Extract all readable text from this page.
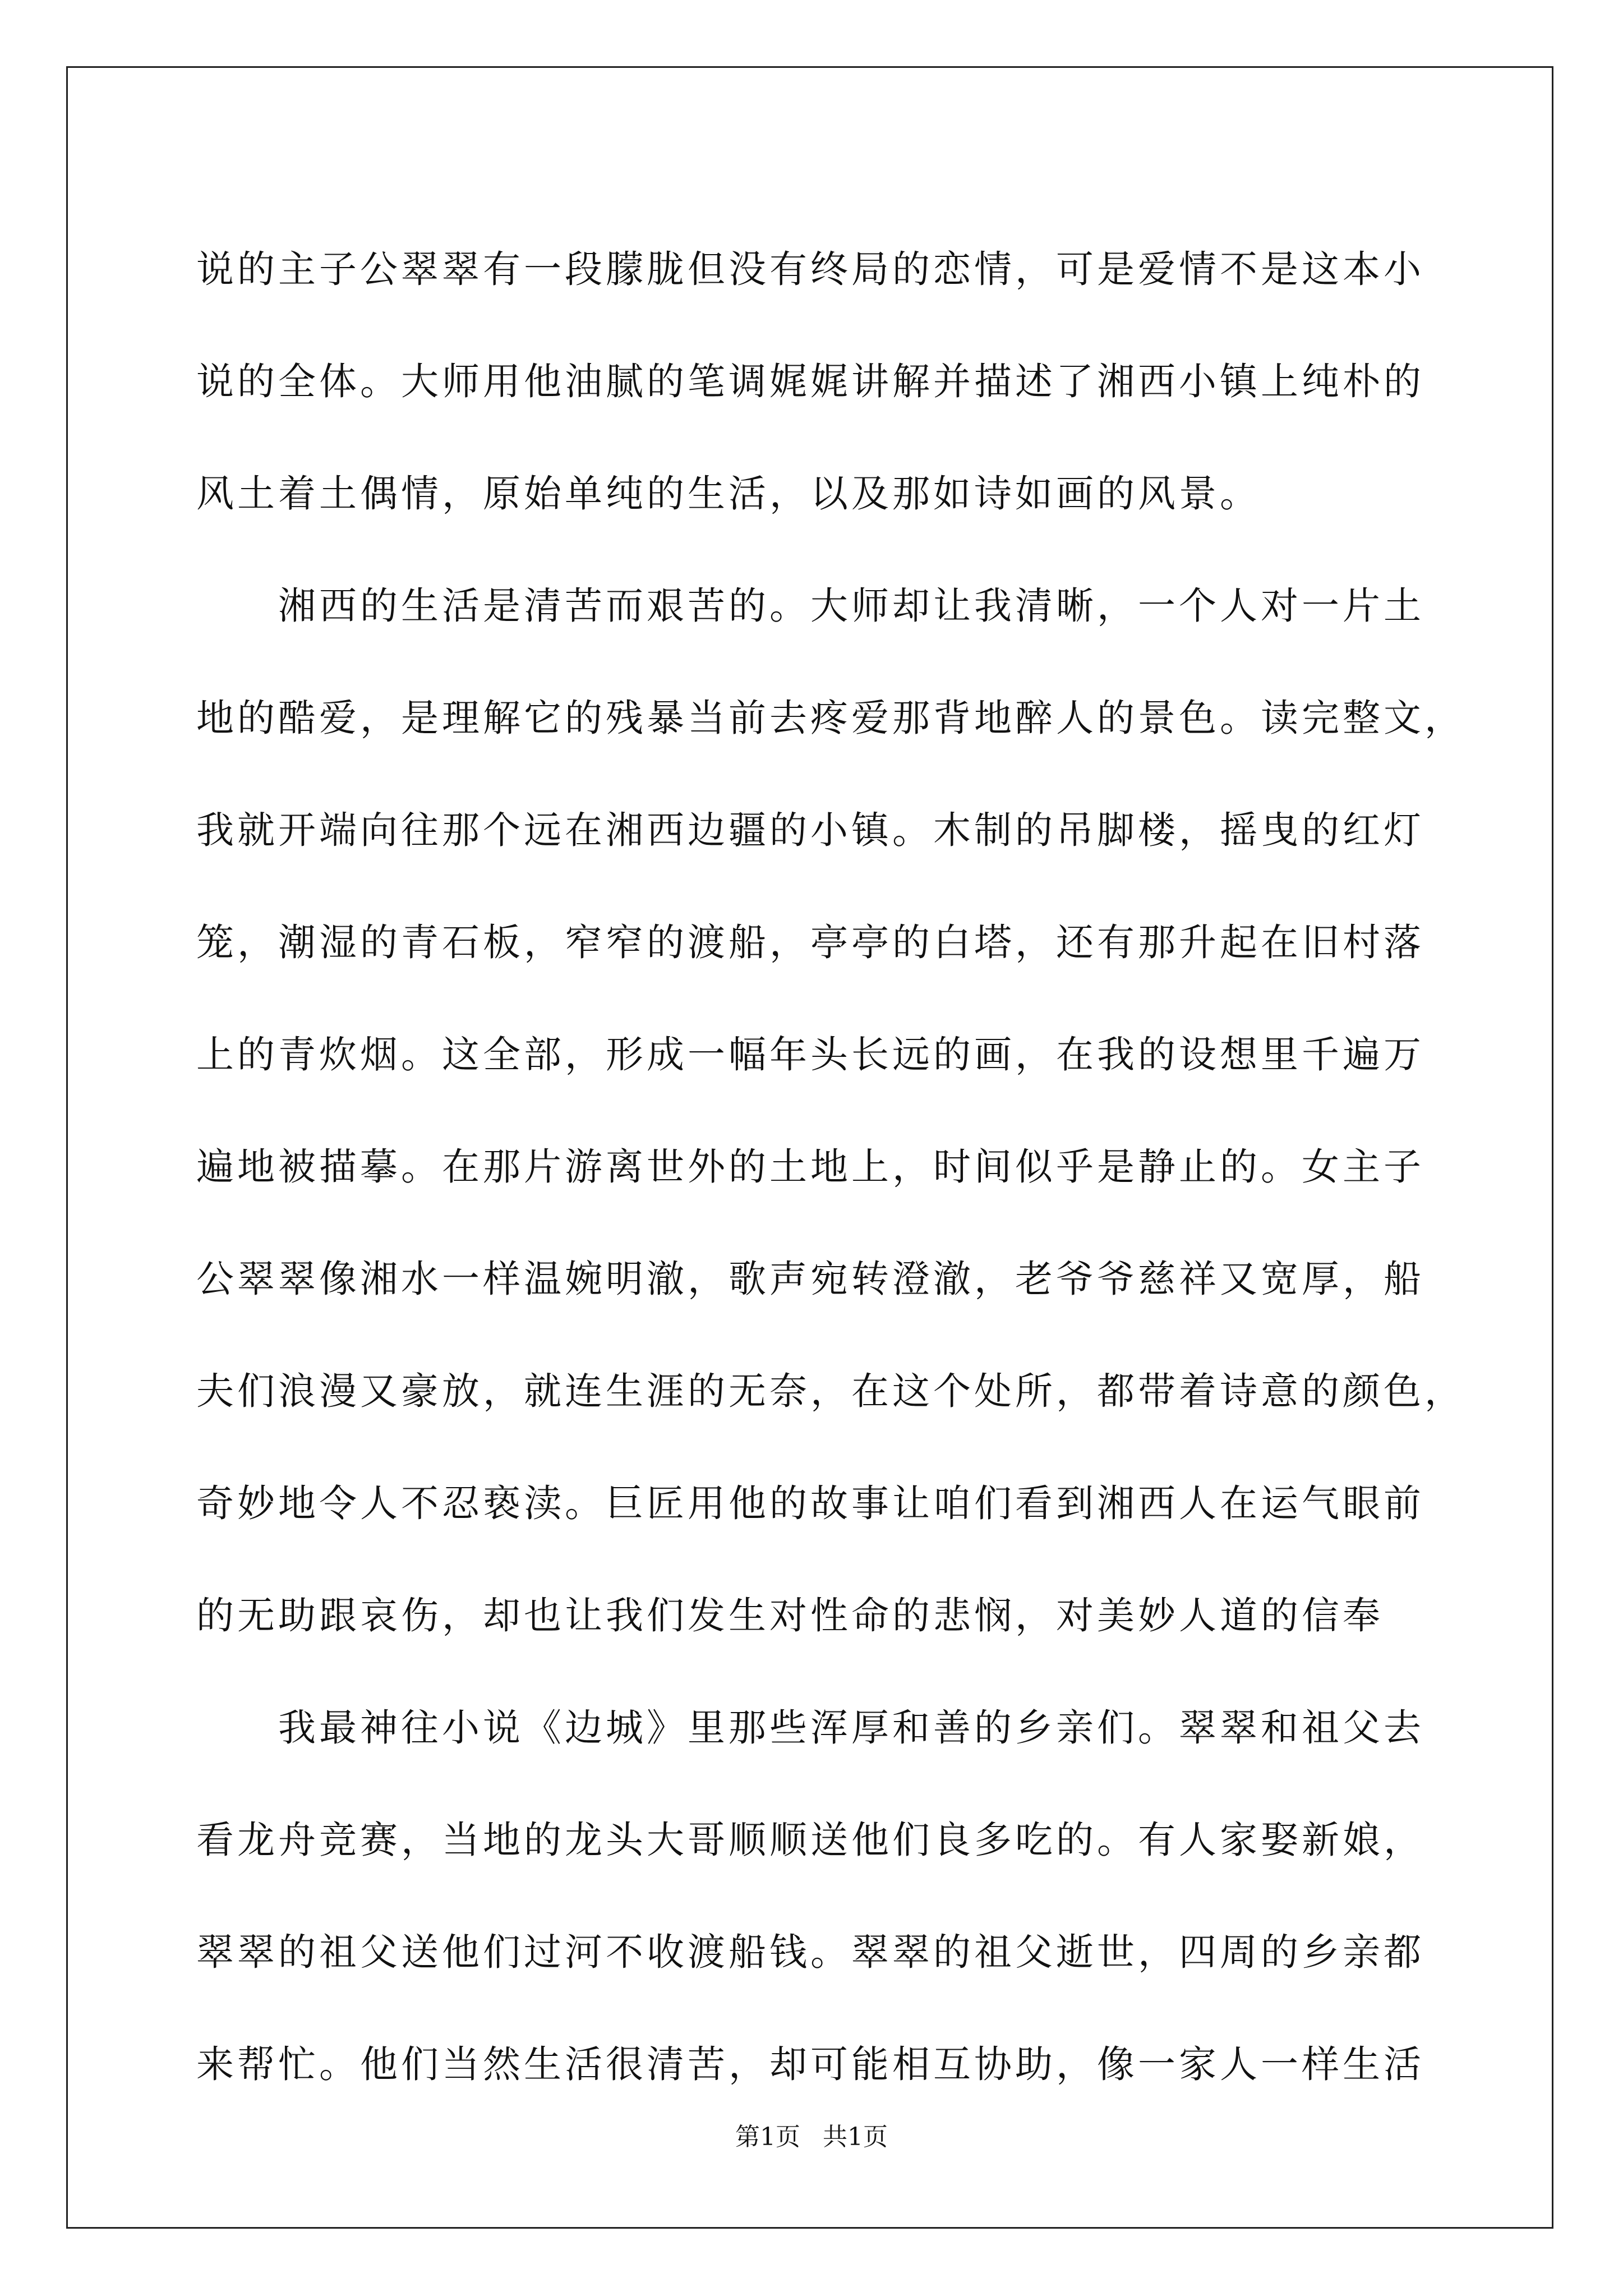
说的主子公翠翠有一段朦胧但没有终局的恋情，可是爱情不是这本小
说的全体。大师用他油腻的笔调娓娓讲解并描述了湘西小镇上纯朴的
风土着土偶情，原始单纯的生活，以及那如诗如画的风景。
　　湘西的生活是清苦而艰苦的。大师却让我清晰，一个人对一片土
地的酷爱，是理解它的残暴当前去疼爱那背地醉人的景色。读完整文，
我就开端向往那个远在湘西边疆的小镇。木制的吊脚楼，摇曳的红灯
笼，潮湿的青石板，窄窄的渡船，亭亭的白塔，还有那升起在旧村落
上的青炊烟。这全部，形成一幅年头长远的画，在我的设想里千遍万
遍地被描摹。在那片游离世外的土地上，时间似乎是静止的。女主子
公翠翠像湘水一样温婉明澈，歌声宛转澄澈，老爷爷慈祥又宽厚，船
夫们浪漫又豪放，就连生涯的无奈，在这个处所，都带着诗意的颜色，
奇妙地令人不忍亵渎。巨匠用他的故事让咱们看到湘西人在运气眼前
的无助跟哀伤，却也让我们发生对性命的悲悯，对美妙人道的信奉
　　我最神往小说《边城》里那些浑厚和善的乡亲们。翠翠和祖父去
看龙舟竞赛，当地的龙头大哥顺顺送他们良多吃的。有人家娶新娘，
翠翠的祖父送他们过河不收渡船钱。翠翠的祖父逝世，四周的乡亲都
来帮忙。他们当然生活很清苦，却可能相互协助，像一家人一样生活
第1页 共1页
